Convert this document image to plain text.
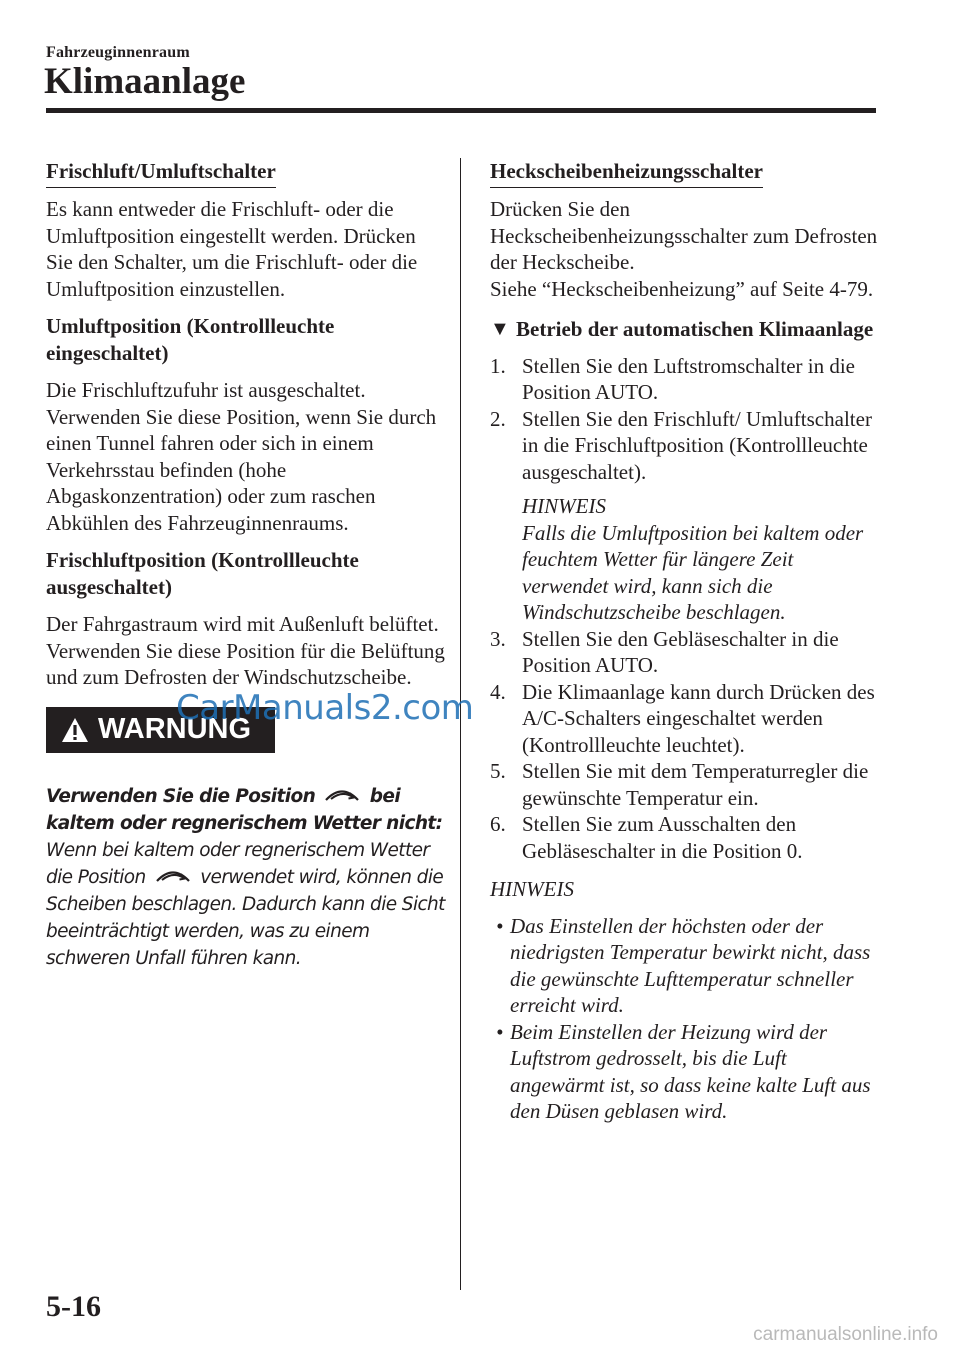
Fahrzeuginnenraum
Klimaanlage
Frischluft/Umluftschalter

Es kann entweder die Frischluft- oder die Umluftposition eingestellt werden. Drücken Sie den Schalter, um die Frischluft- oder die Umluftposition einzustellen.

Umluftposition (Kontrollleuchte eingeschaltet)

Die Frischluftzufuhr ist ausgeschaltet. Verwenden Sie diese Position, wenn Sie durch einen Tunnel fahren oder sich in einem Verkehrsstau befinden (hohe Abgaskonzentration) oder zum raschen Abkühlen des Fahrzeuginnenraums.

Frischluftposition (Kontrollleuchte ausgeschaltet)

Der Fahrgastraum wird mit Außenluft belüftet. Verwenden Sie diese Position für die Belüftung und zum Defrosten der Windschutzscheibe.

WARNUNG
Verwenden Sie die Position	bei kaltem oder regnerischem Wetter nicht: Wenn bei kaltem oder regnerischem Wetter die Position	verwendet wird, können die Scheiben beschlagen. Dadurch kann die Sicht beeinträchtigt werden, was zu einem schweren Unfall führen kann.
Heckscheibenheizungsschalter

Drücken Sie den Heckscheibenheizungsschalter zum Defrosten der Heckscheibe.

Siehe “Heckscheibenheizung” auf Seite 4-79.

▼ Betrieb der automatischen Klimaanlage
1. Stellen Sie den Luftstromschalter in die Position AUTO.
2. Stellen Sie den Frischluft/ Umluftschalter in die Frischluftposition (Kontrollleuchte ausgeschaltet).
HINWEIS
Falls die Umluftposition bei kaltem oder feuchtem Wetter für längere Zeit verwendet wird, kann sich die Windschutzscheibe beschlagen.
3. Stellen Sie den Gebläseschalter in die Position AUTO.
4. Die Klimaanlage kann durch Drücken des A/C-Schalters eingeschaltet werden (Kontrollleuchte leuchtet).
5. Stellen Sie mit dem Temperaturregler die gewünschte Temperatur ein.
6. Stellen Sie zum Ausschalten den Gebläseschalter in die Position 0.
HINWEIS
• Das Einstellen der höchsten oder der niedrigsten Temperatur bewirkt nicht, dass die gewünschte Lufttemperatur schneller erreicht wird.
• Beim Einstellen der Heizung wird der Luftstrom gedrosselt, bis die Luft angewärmt ist, so dass keine kalte Luft aus den Düsen geblasen wird.
CarManuals2.com
5-16
carmanualsonline.info
